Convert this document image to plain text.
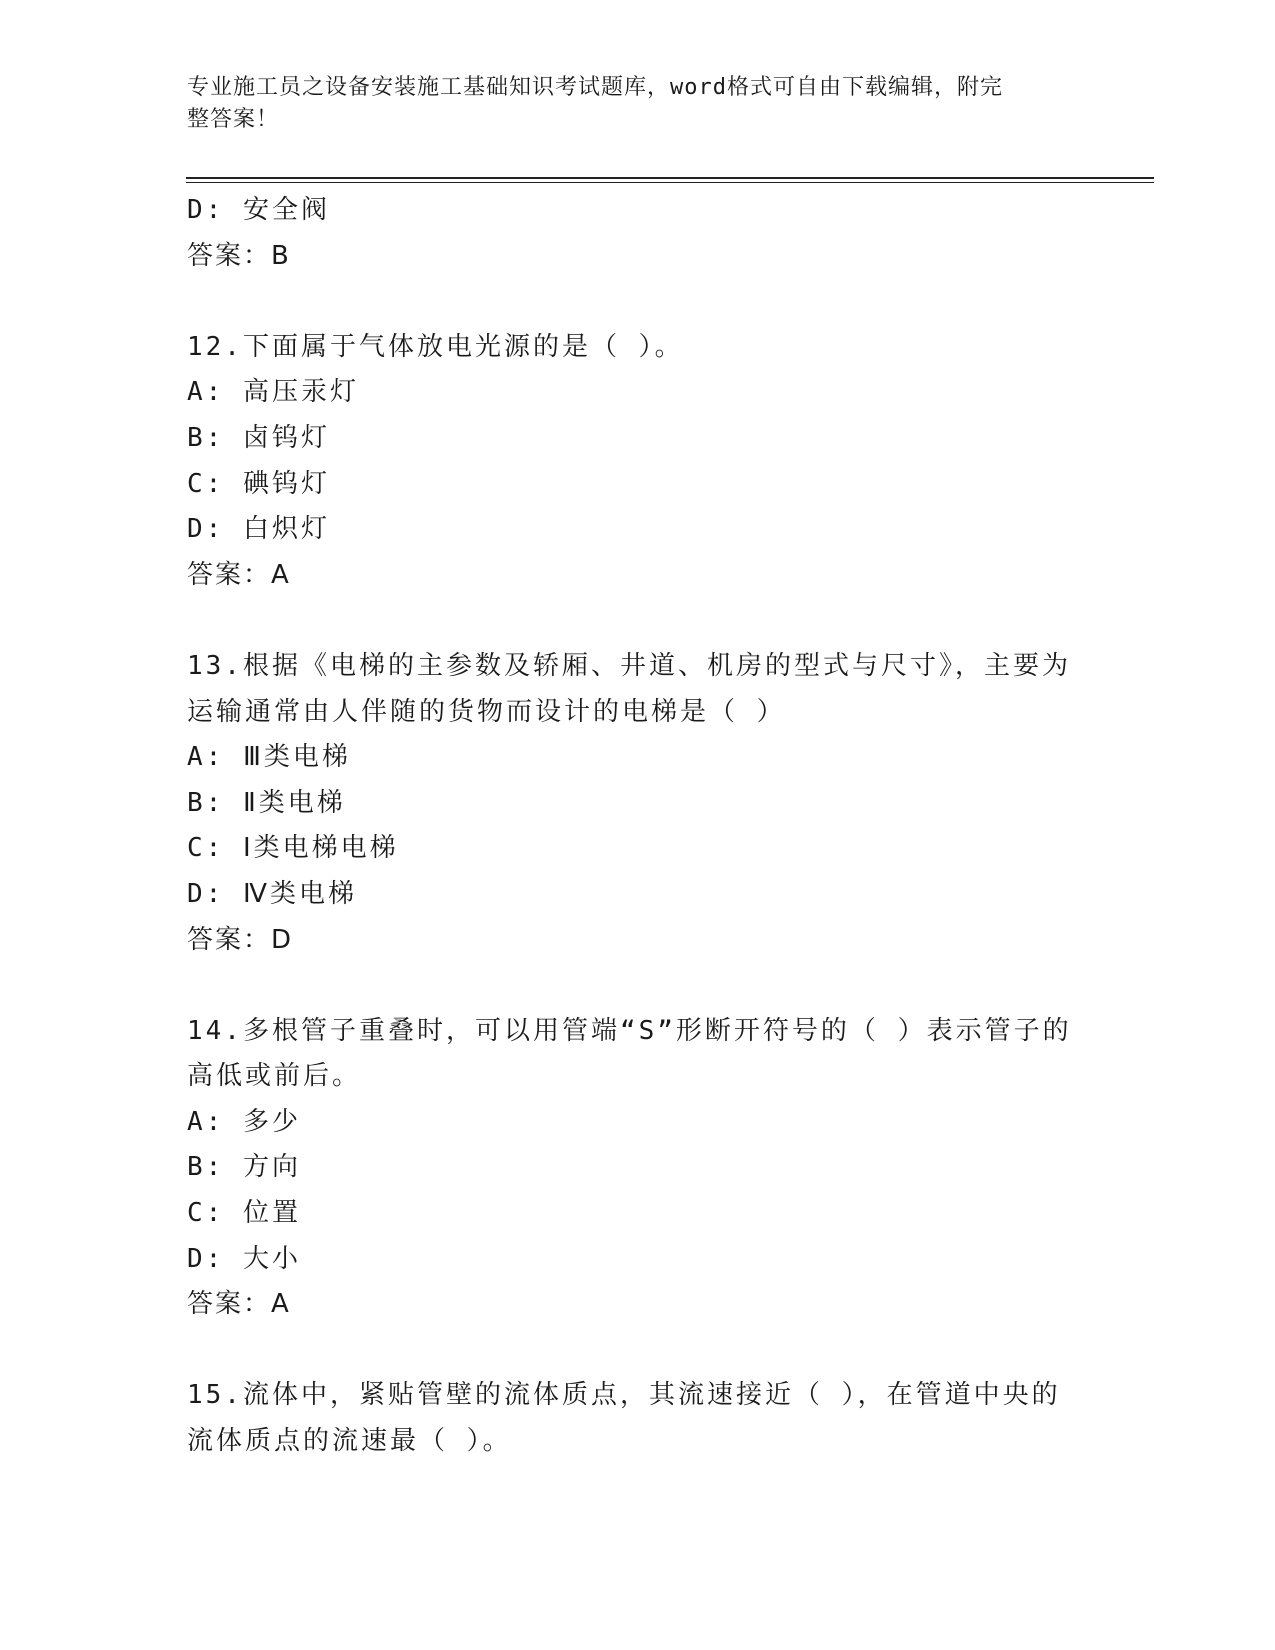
专业施工员之设备安装施工基础知识考试题库，word格式可自由下载编辑，附完
整答案！
D: 安全阀
答案：B
12.下面属于气体放电光源的是（ ）。
A: 高压汞灯
B: 卤钨灯
C: 碘钨灯
D: 白炽灯
答案：A
13.根据《电梯的主参数及轿厢、井道、机房的型式与尺寸》，主要为
运输通常由人伴随的货物而设计的电梯是（ ）
A: Ⅲ类电梯
B: Ⅱ类电梯
C: Ⅰ类电梯电梯
D: Ⅳ类电梯
答案：D
14.多根管子重叠时，可以用管端“S”形断开符号的（ ）表示管子的
高低或前后。
A: 多少
B: 方向
C: 位置
D: 大小
答案：A
15.流体中，紧贴管壁的流体质点，其流速接近（ ），在管道中央的
流体质点的流速最（ ）。
